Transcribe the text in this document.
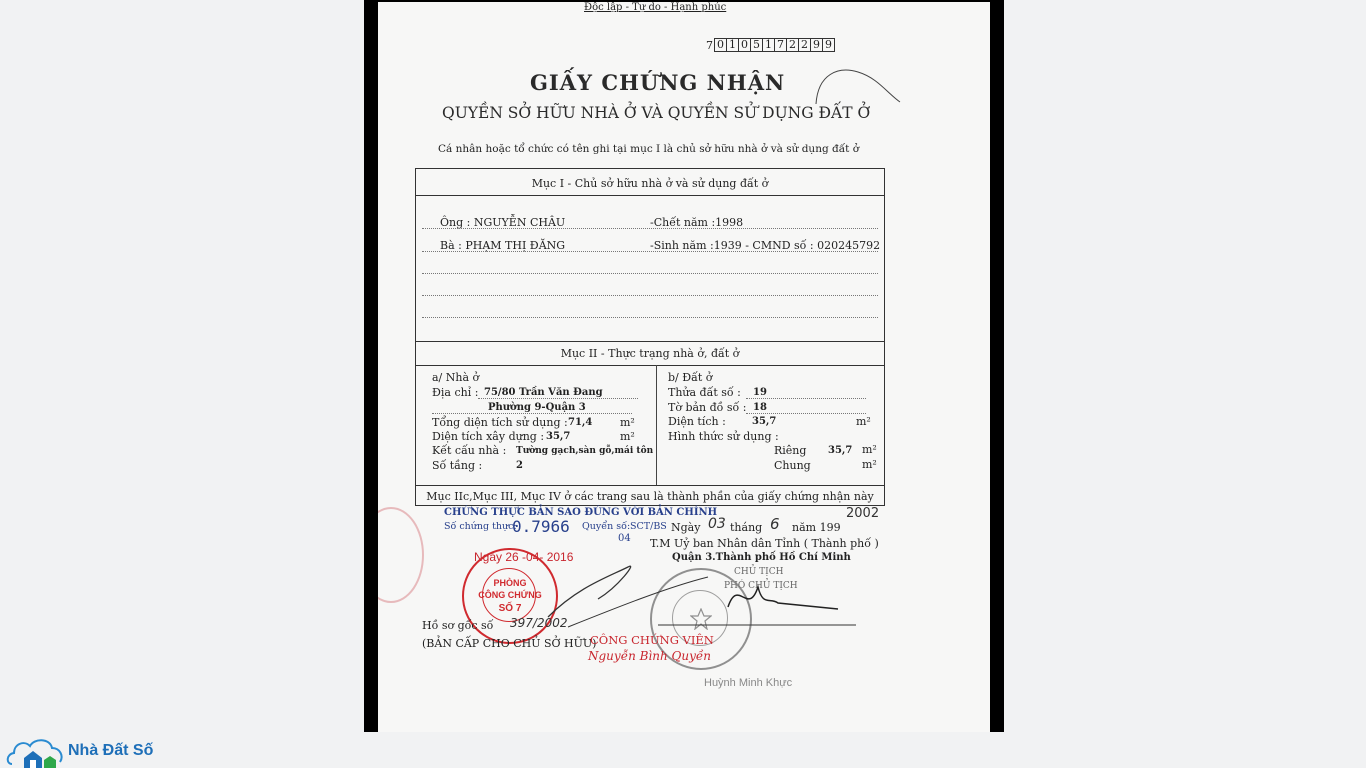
Độc lập - Tự do - Hạnh phúc
7 0 1 0 5 1 7 2 2 9 9
GIẤY CHỨNG NHẬN
QUYỀN SỞ HỮU NHÀ Ở VÀ QUYỀN SỬ DỤNG ĐẤT Ở
Cá nhân hoặc tổ chức có tên ghi tại mục I là chủ sở hữu nhà ở và sử dụng đất ở
Mục I - Chủ sở hữu nhà ở và sử dụng đất ở
Ông : NGUYỄN CHÂU	-Chết năm :1998
Bà : PHẠM THỊ ĐĂNG	-Sinh năm :1939 - CMND số : 020245792
Mục II - Thực trạng nhà ở, đất ở
a/ Nhà ở
Địa chỉ : 75/80 Trần Văn Đang
Phường 9-Quận 3
Tổng diện tích sử dụng : 71,4	m²
Diện tích xây dựng : 35,7	m²
Kết cấu nhà : Tường gạch,sàn gỗ,mái tôn
Số tầng :	2
b/ Đất ở
Thửa đất số : 19
Tờ bản đồ số : 18
Diện tích :	35,7	m²
Hình thức sử dụng :
Riêng 35,7 m²
Chung	m²
Mục IIc,Mục III, Mục IV ở các trang sau là thành phần của giấy chứng nhận này
CHỨNG THỰC BẢN SAO ĐÚNG VỚI BẢN CHÍNH
Số chứng thực:
0.7966 Quyển số: SCT/BS
04
2002
Ngày 03 tháng 6 năm 199
T.M Uỷ ban Nhân dân Tỉnh ( Thành phố )
Quận 3.Thành phố Hồ Chí Minh
CHỦ TỊCH
PHÓ CHỦ TỊCH
Ngày 26 -04- 2016
PHÒNG
CÔNG CHỨNG
SỐ 7
Hồ sơ gốc số 397/2002
(BẢN CẤP CHO CHỦ SỞ HỮU)
CÔNG CHỨNG VIÊN
Nguyễn Bình Quyền
Huỳnh Minh Khực
Nhà Đất Số
